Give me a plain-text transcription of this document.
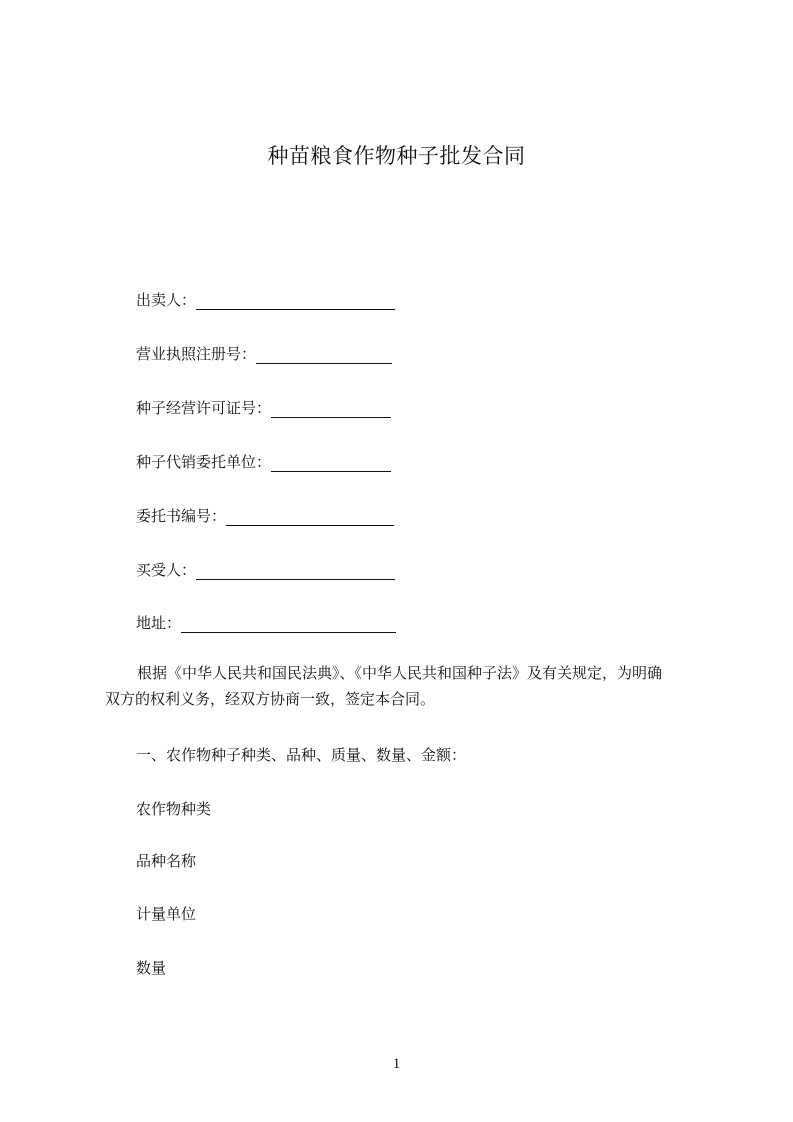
种苗粮食作物种子批发合同
出卖人：
营业执照注册号：
种子经营许可证号：
种子代销委托单位：
委托书编号：
买受人：
地址：
根据《中华人民共和国民法典》、《中华人民共和国种子法》及有关规定，为明确
双方的权利义务，经双方协商一致，签定本合同。
一、农作物种子种类、品种、质量、数量、金额：
农作物种类
品种名称
计量单位
数量
1
